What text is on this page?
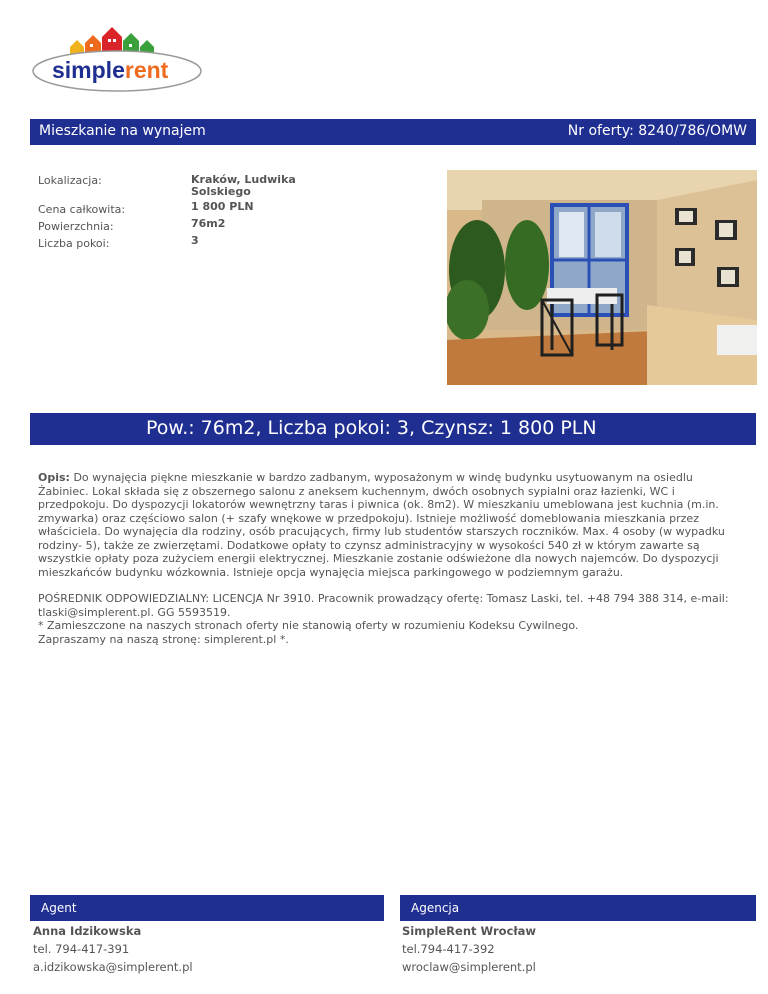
simplerent
Mieszkanie na wynajem	Nr oferty: 8240/786/OMW
Lokalizacja:	Kraków, Ludwika Solskiego
Cena całkowita:	1 800 PLN
Powierzchnia:	76m2
Liczba pokoi:	3
Pow.: 76m2, Liczba pokoi: 3, Czynsz: 1 800 PLN

Opis: Do wynajęcia piękne mieszkanie w bardzo zadbanym, wyposażonym w windę budynku usytuowanym na osiedlu Żabiniec. Lokal składa się z obszernego salonu z aneksem kuchennym, dwóch osobnych sypialni oraz łazienki, WC i przedpokoju. Do dyspozycji lokatorów wewnętrzny taras i piwnica (ok. 8m2). W mieszkaniu umeblowana jest kuchnia (m.in. zmywarka) oraz częściowo salon (+ szafy wnękowe w przedpokoju). Istnieje możliwość domeblowania mieszkania przez właściciela. Do wynajęcia dla rodziny, osób pracujących, firmy lub studentów starszych roczników. Max. 4 osoby (w wypadku rodziny- 5), także ze zwierzętami. Dodatkowe opłaty to czynsz administracyjny w wysokości 540 zł w którym zawarte są wszystkie opłaty poza zużyciem energii elektrycznej. Mieszkanie zostanie odświeżone dla nowych najemców. Do dyspozycji mieszkańców budynku wózkownia. Istnieje opcja wynajęcia miejsca parkingowego w podziemnym garażu.

POŚREDNIK ODPOWIEDZIALNY: LICENCJA Nr 3910. Pracownik prowadzący ofertę: Tomasz Laski, tel. +48 794 388 314, e-mail: tlaski@simplerent.pl. GG 5593519.
* Zamieszczone na naszych stronach oferty nie stanowią oferty w rozumieniu Kodeksu Cywilnego.
Zapraszamy na naszą stronę: simplerent.pl *.

Agent	Agencja
Anna Idzikowska
tel. 794-417-391
a.idzikowska@simplerent.pl
SimpleRent Wrocław
tel.794-417-392
wroclaw@simplerent.pl
